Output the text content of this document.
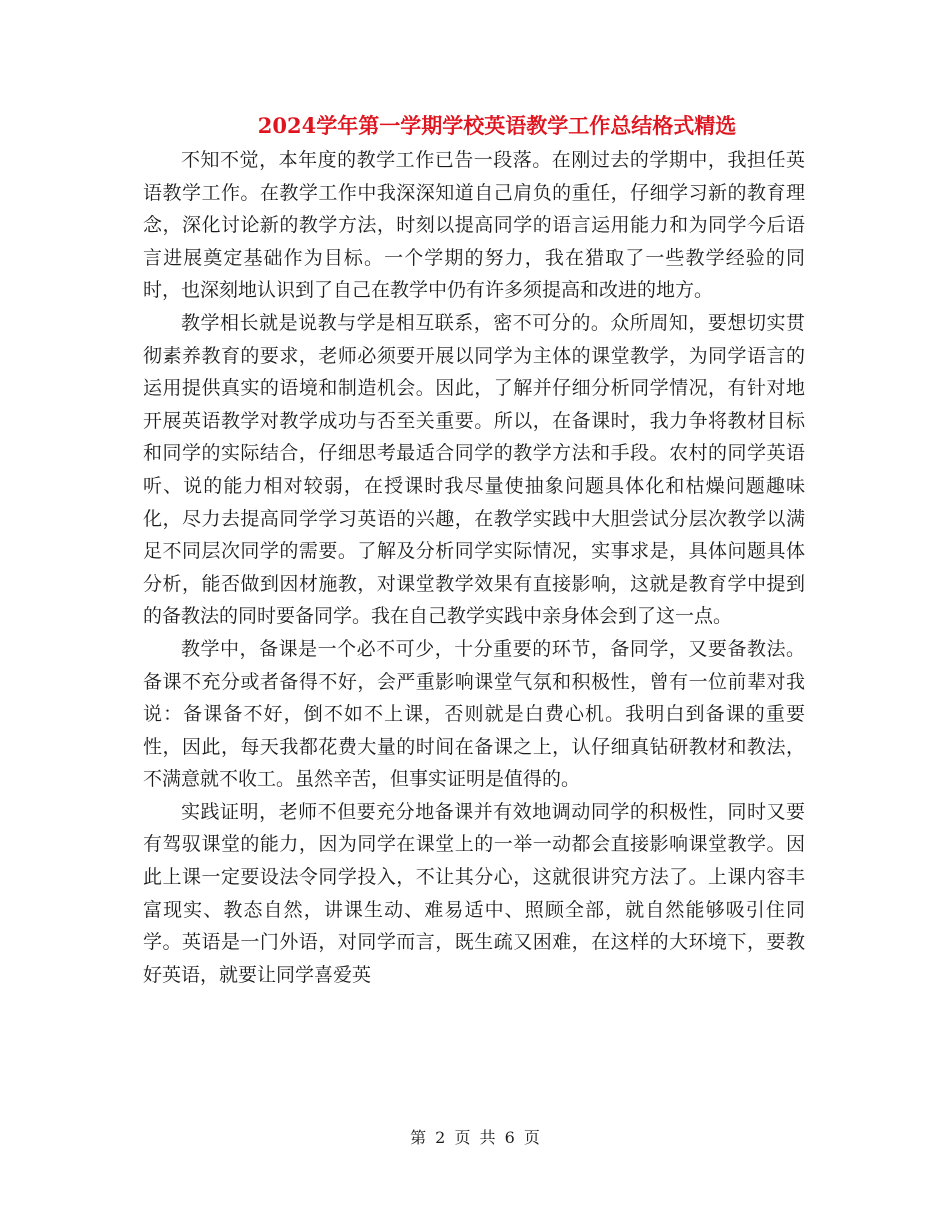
2024学年第一学期学校英语教学工作总结格式精选

不知不觉，本年度的教学工作已告一段落。在刚过去的学期中，我担任英语教学工作。在教学工作中我深深知道自己肩负的重任，仔细学习新的教育理念，深化讨论新的教学方法，时刻以提高同学的语言运用能力和为同学今后语言进展奠定基础作为目标。一个学期的努力，我在猎取了一些教学经验的同时，也深刻地认识到了自己在教学中仍有许多须提高和改进的地方。

教学相长就是说教与学是相互联系，密不可分的。众所周知，要想切实贯彻素养教育的要求，老师必须要开展以同学为主体的课堂教学，为同学语言的运用提供真实的语境和制造机会。因此，了解并仔细分析同学情况，有针对地开展英语教学对教学成功与否至关重要。所以，在备课时，我力争将教材目标和同学的实际结合，仔细思考最适合同学的教学方法和手段。农村的同学英语听、说的能力相对较弱，在授课时我尽量使抽象问题具体化和枯燥问题趣味化，尽力去提高同学学习英语的兴趣，在教学实践中大胆尝试分层次教学以满足不同层次同学的需要。了解及分析同学实际情况，实事求是，具体问题具体分析，能否做到因材施教，对课堂教学效果有直接影响，这就是教育学中提到的备教法的同时要备同学。我在自己教学实践中亲身体会到了这一点。

教学中，备课是一个必不可少，十分重要的环节，备同学，又要备教法。备课不充分或者备得不好，会严重影响课堂气氛和积极性，曾有一位前辈对我说：备课备不好，倒不如不上课，否则就是白费心机。我明白到备课的重要性，因此，每天我都花费大量的时间在备课之上，认仔细真钻研教材和教法，不满意就不收工。虽然辛苦，但事实证明是值得的。

实践证明，老师不但要充分地备课并有效地调动同学的积极性，同时又要有驾驭课堂的能力，因为同学在课堂上的一举一动都会直接影响课堂教学。因此上课一定要设法令同学投入，不让其分心，这就很讲究方法了。上课内容丰富现实、教态自然，讲课生动、难易适中、照顾全部，就自然能够吸引住同学。英语是一门外语，对同学而言，既生疏又困难，在这样的大环境下，要教好英语，就要让同学喜爱英

第 2 页 共 6 页
